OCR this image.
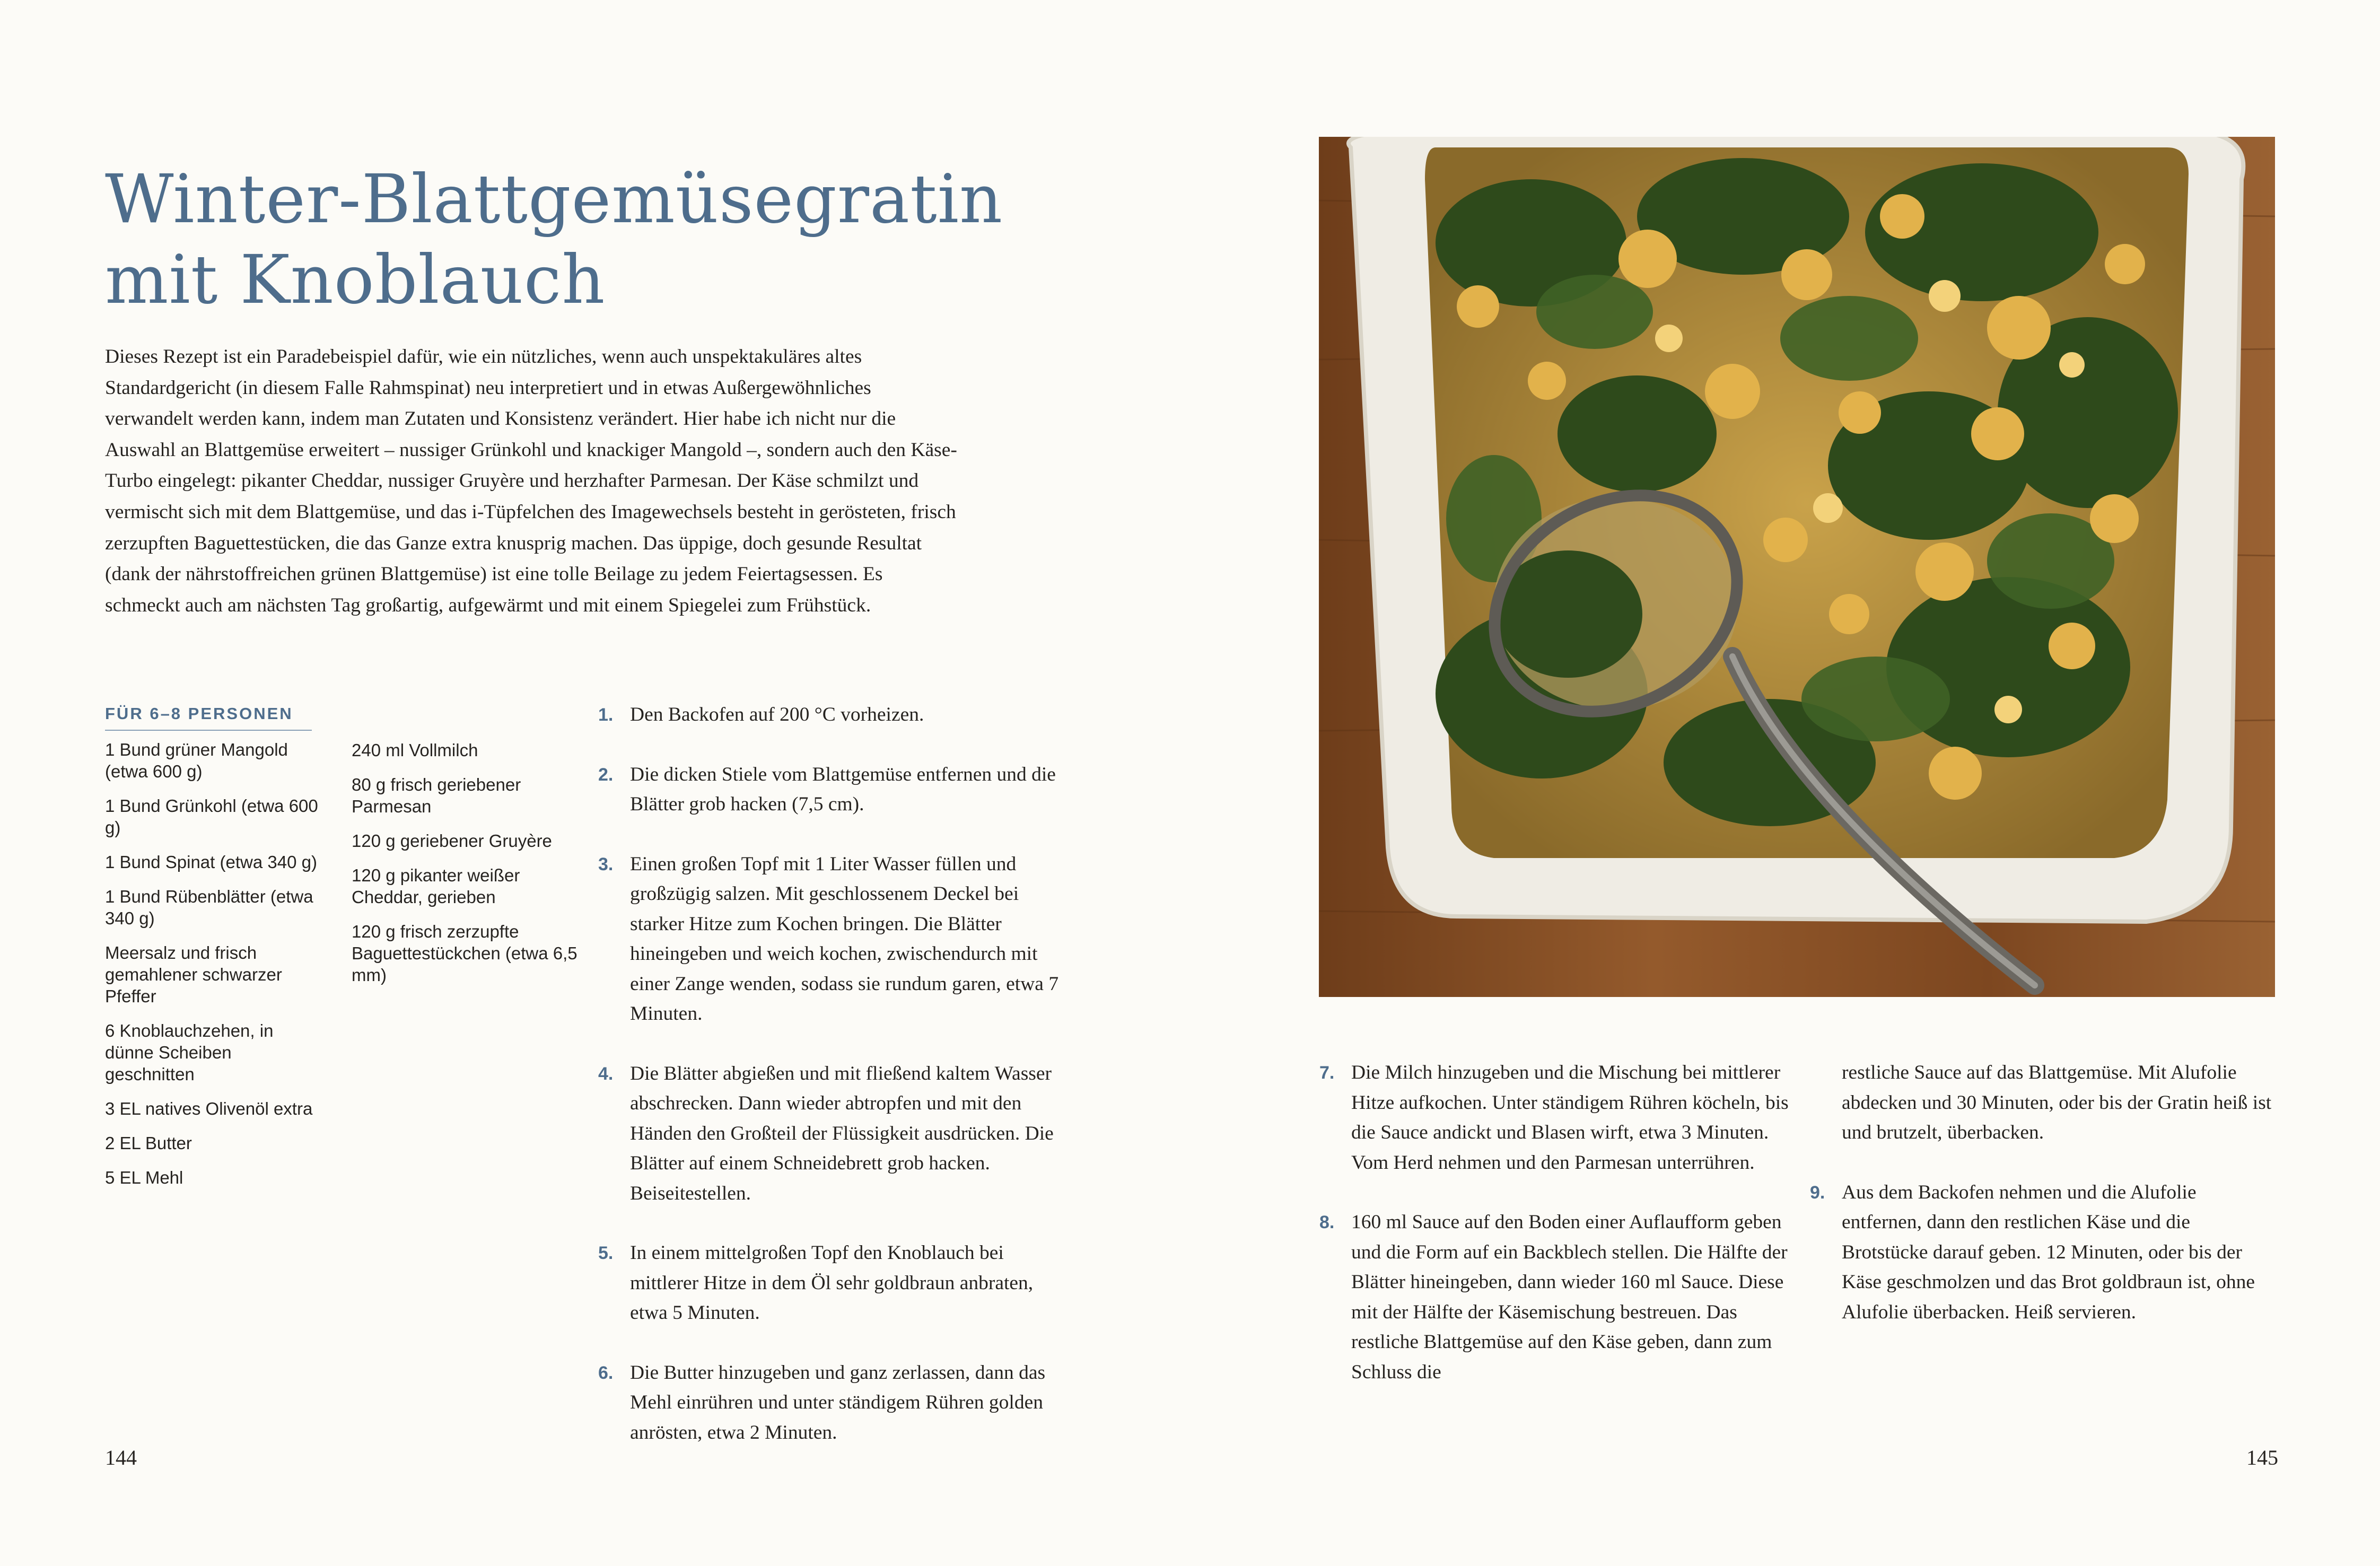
Winter-Blattgemüsegratin
mit Knoblauch
Dieses Rezept ist ein Paradebeispiel dafür, wie ein nützliches, wenn auch unspektakuläres altes Standardgericht (in diesem Falle Rahmspinat) neu interpretiert und in etwas Außergewöhnliches verwandelt werden kann, indem man Zutaten und Konsistenz verändert. Hier habe ich nicht nur die Auswahl an Blattgemüse erweitert – nussiger Grünkohl und knackiger Mangold –, sondern auch den Käse-Turbo eingelegt: pikanter Cheddar, nussiger Gruyère und herzhafter Parmesan. Der Käse schmilzt und vermischt sich mit dem Blattgemüse, und das i-Tüpfelchen des Imagewechsels besteht in gerösteten, frisch zerzupften Baguettestücken, die das Ganze extra knusprig machen. Das üppige, doch gesunde Resultat (dank der nährstoffreichen grünen Blattgemüse) ist eine tolle Beilage zu jedem Feiertagsessen. Es schmeckt auch am nächsten Tag großartig, aufgewärmt und mit einem Spiegelei zum Frühstück.
FÜR 6–8 PERSONEN
1 Bund grüner Mangold (etwa 600 g)
1 Bund Grünkohl (etwa 600 g)
1 Bund Spinat (etwa 340 g)
1 Bund Rübenblätter (etwa 340 g)
Meersalz und frisch gemahlener schwarzer Pfeffer
6 Knoblauchzehen, in dünne Scheiben geschnitten
3 EL natives Olivenöl extra
2 EL Butter
5 EL Mehl
240 ml Vollmilch
80 g frisch geriebener Parmesan
120 g geriebener Gruyère
120 g pikanter weißer Cheddar, gerieben
120 g frisch zerzupfte Baguettestückchen (etwa 6,5 mm)
1. Den Backofen auf 200 °C vorheizen.
2. Die dicken Stiele vom Blattgemüse entfernen und die Blätter grob hacken (7,5 cm).
3. Einen großen Topf mit 1 Liter Wasser füllen und großzügig salzen. Mit geschlossenem Deckel bei starker Hitze zum Kochen bringen. Die Blätter hineingeben und weich kochen, zwischendurch mit einer Zange wenden, sodass sie rundum garen, etwa 7 Minuten.
4. Die Blätter abgießen und mit fließend kaltem Wasser abschrecken. Dann wieder abtropfen und mit den Händen den Großteil der Flüssigkeit ausdrücken. Die Blätter auf einem Schneidebrett grob hacken. Beiseitestellen.
5. In einem mittelgroßen Topf den Knoblauch bei mittlerer Hitze in dem Öl sehr goldbraun anbraten, etwa 5 Minuten.
6. Die Butter hinzugeben und ganz zerlassen, dann das Mehl einrühren und unter ständigem Rühren golden anrösten, etwa 2 Minuten.
7. Die Milch hinzugeben und die Mischung bei mittlerer Hitze aufkochen. Unter ständigem Rühren köcheln, bis die Sauce andickt und Blasen wirft, etwa 3 Minuten. Vom Herd nehmen und den Parmesan unterrühren.
8. 160 ml Sauce auf den Boden einer Auflaufform geben und die Form auf ein Backblech stellen. Die Hälfte der Blätter hineingeben, dann wieder 160 ml Sauce. Diese mit der Hälfte der Käsemischung bestreuen. Das restliche Blattgemüse auf den Käse geben, dann zum Schluss die
restliche Sauce auf das Blattgemüse. Mit Alufolie abdecken und 30 Minuten, oder bis der Gratin heiß ist und brutzelt, überbacken.
9. Aus dem Backofen nehmen und die Alufolie entfernen, dann den restlichen Käse und die Brotstücke darauf geben. 12 Minuten, oder bis der Käse geschmolzen und das Brot goldbraun ist, ohne Alufolie überbacken. Heiß servieren.
144	145
